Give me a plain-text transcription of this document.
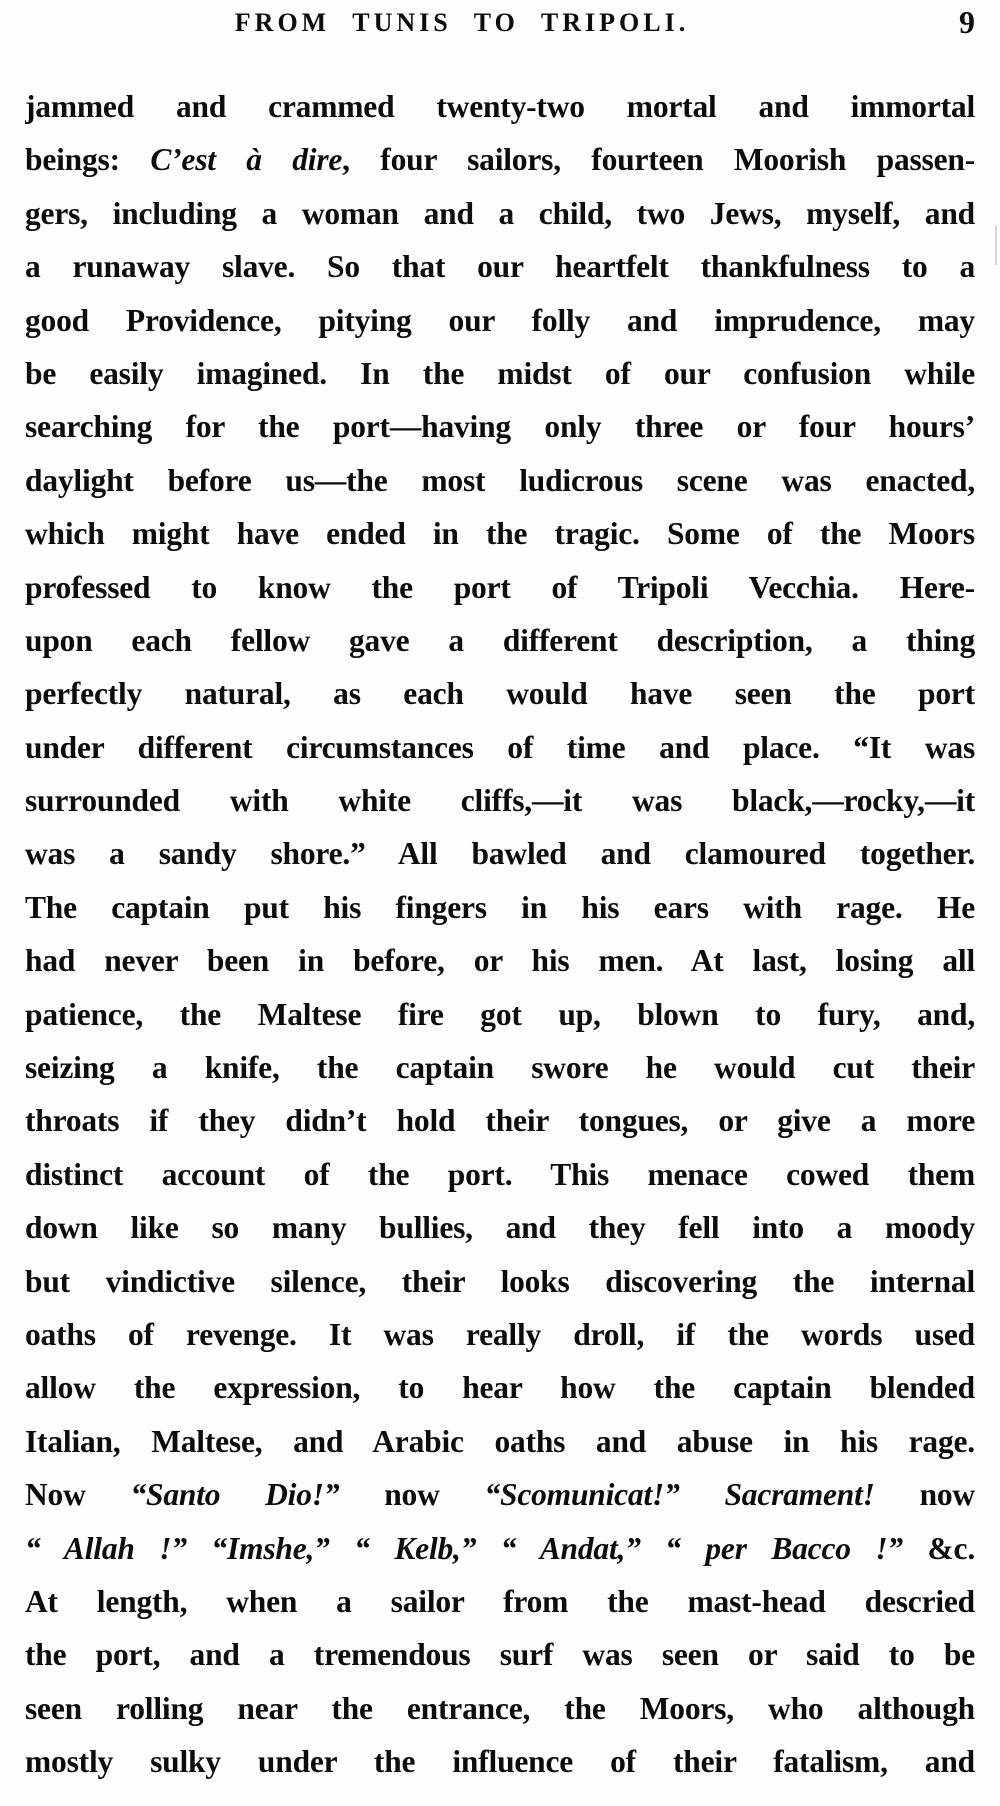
FROM TUNIS TO TRIPOLI.	9
jammed and crammed twenty-two mortal and immortal
beings: C’est à dire, four sailors, fourteen Moorish passen-
gers, including a woman and a child, two Jews, myself, and
a runaway slave. So that our heartfelt thankfulness to a
good Providence, pitying our folly and imprudence, may
be easily imagined. In the midst of our confusion while
searching for the port—having only three or four hours’
daylight before us—the most ludicrous scene was enacted,
which might have ended in the tragic. Some of the Moors
professed to know the port of Tripoli Vecchia. Here-
upon each fellow gave a different description, a thing
perfectly natural, as each would have seen the port
under different circumstances of time and place. “It was
surrounded with white cliffs,—it was black,—rocky,—it
was a sandy shore.” All bawled and clamoured together.
The captain put his fingers in his ears with rage. He
had never been in before, or his men. At last, losing all
patience, the Maltese fire got up, blown to fury, and,
seizing a knife, the captain swore he would cut their
throats if they didn’t hold their tongues, or give a more
distinct account of the port. This menace cowed them
down like so many bullies, and they fell into a moody
but vindictive silence, their looks discovering the internal
oaths of revenge. It was really droll, if the words used
allow the expression, to hear how the captain blended
Italian, Maltese, and Arabic oaths and abuse in his rage.
Now “Santo Dio!” now “Scomunicat!” Sacrament! now
“ Allah !” “Imshe,” “ Kelb,” “ Andat,” “ per Bacco !” &c.
At length, when a sailor from the mast-head descried
the port, and a tremendous surf was seen or said to be
seen rolling near the entrance, the Moors, who although
mostly sulky under the influence of their fatalism, and
